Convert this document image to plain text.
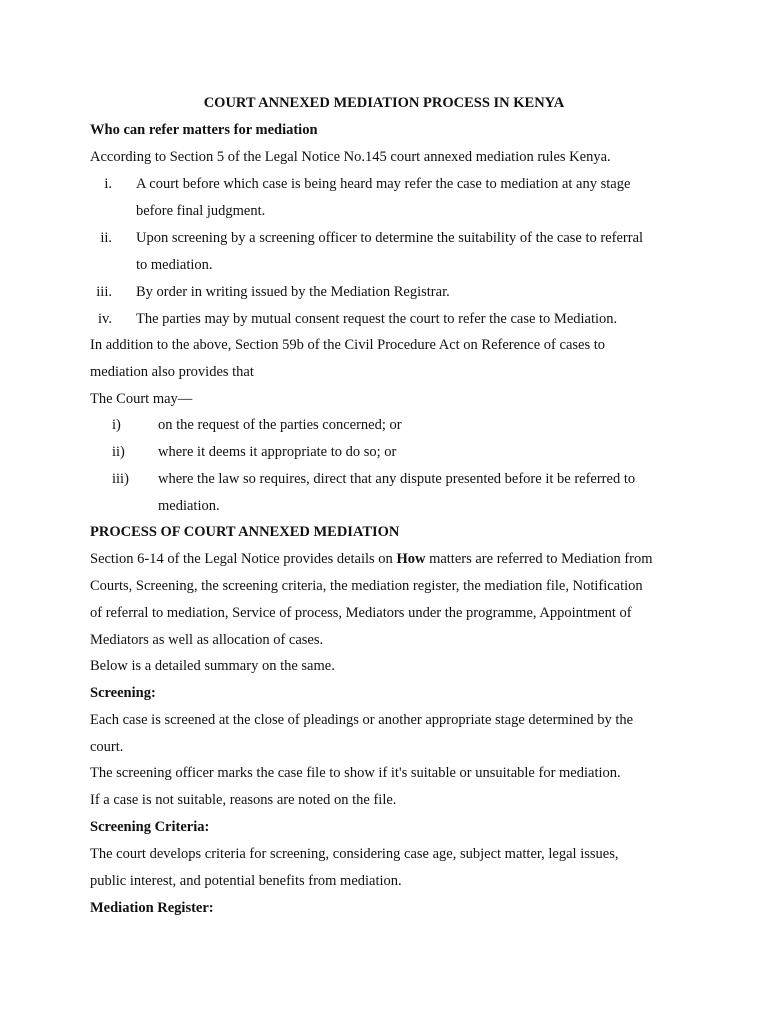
COURT ANNEXED MEDIATION PROCESS IN KENYA
Who can refer matters for mediation
According to Section 5 of the Legal Notice No.145 court annexed mediation rules Kenya.
i. A court before which case is being heard may refer the case to mediation at any stage
before final judgment.
ii. Upon screening by a screening officer to determine the suitability of the case to referral
to mediation.
iii. By order in writing issued by the Mediation Registrar.
iv. The parties may by mutual consent request the court to refer the case to Mediation.
In addition to the above, Section 59b of the Civil Procedure Act on Reference of cases to
mediation also provides that
The Court may—
i)	on the request of the parties concerned; or
ii) where it deems it appropriate to do so; or
iii) where the law so requires, direct that any dispute presented before it be referred to
mediation.
PROCESS OF COURT ANNEXED MEDIATION
Section 6-14 of the Legal Notice provides details on How matters are referred to Mediation from
Courts, Screening, the screening criteria, the mediation register, the mediation file, Notification
of referral to mediation, Service of process, Mediators under the programme, Appointment of
Mediators as well as allocation of cases.
Below is a detailed summary on the same.
Screening:
Each case is screened at the close of pleadings or another appropriate stage determined by the
court.
The screening officer marks the case file to show if it's suitable or unsuitable for mediation.
If a case is not suitable, reasons are noted on the file.
Screening Criteria:
The court develops criteria for screening, considering case age, subject matter, legal issues,
public interest, and potential benefits from mediation.
Mediation Register:
